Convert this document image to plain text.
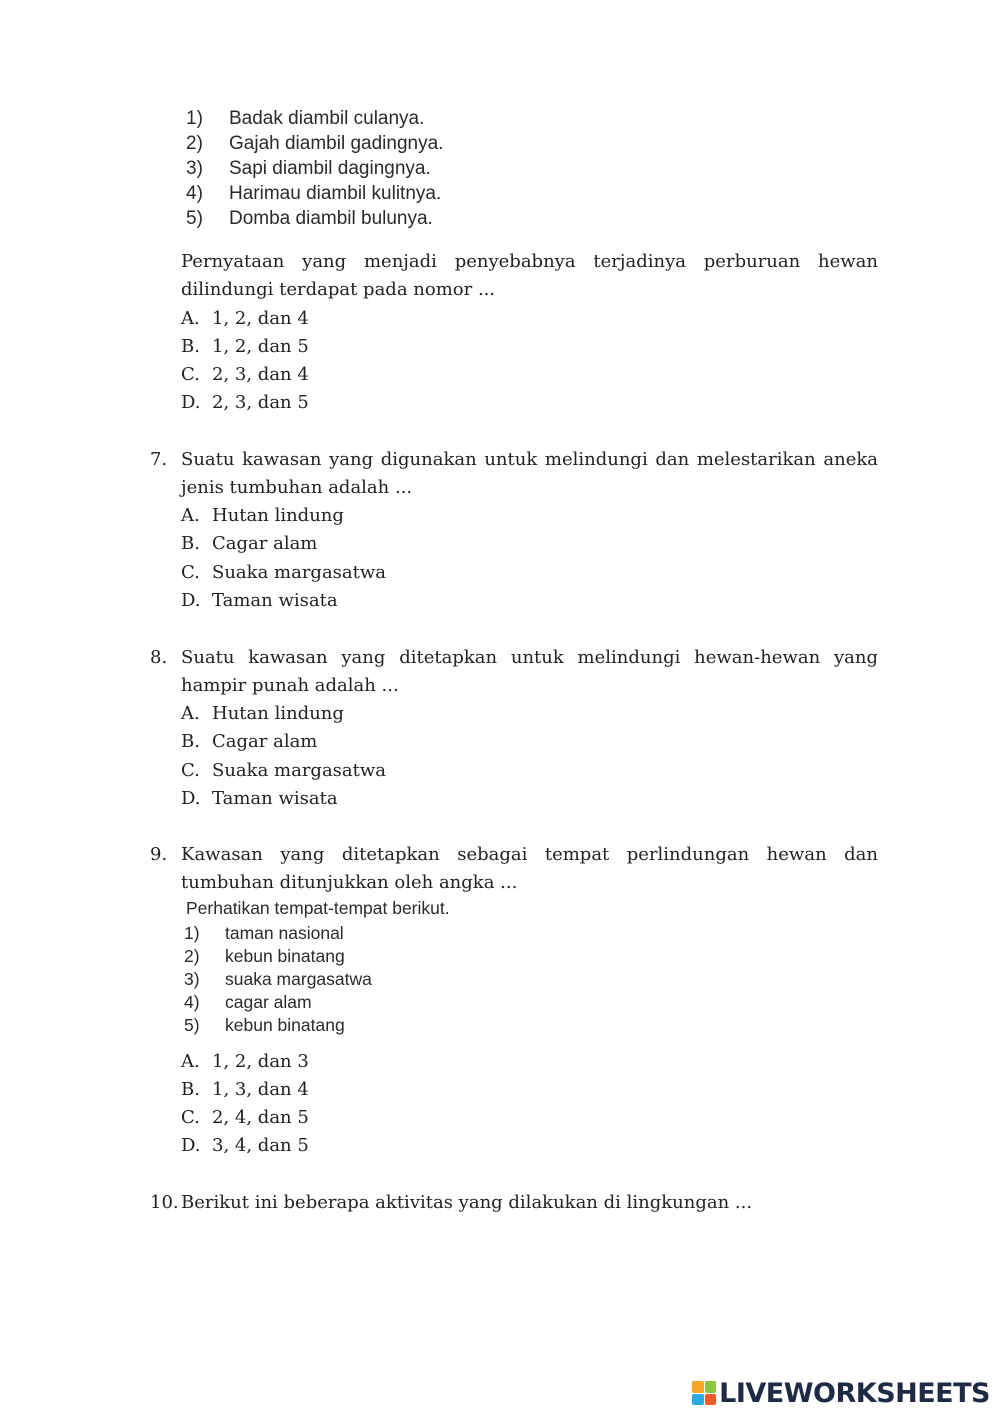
1) Badak diambil culanya.
2) Gajah diambil gadingnya.
3) Sapi diambil dagingnya.
4) Harimau diambil kulitnya.
5) Domba diambil bulunya.
Pernyataan yang menjadi penyebabnya terjadinya perburuan hewan dilindungi terdapat pada nomor ...
A. 1, 2, dan 4
B. 1, 2, dan 5
C. 2, 3, dan 4
D. 2, 3, dan 5
7. Suatu kawasan yang digunakan untuk melindungi dan melestarikan aneka jenis tumbuhan adalah ...
A. Hutan lindung
B. Cagar alam
C. Suaka margasatwa
D. Taman wisata
8. Suatu kawasan yang ditetapkan untuk melindungi hewan-hewan yang hampir punah adalah ...
A. Hutan lindung
B. Cagar alam
C. Suaka margasatwa
D. Taman wisata
9. Kawasan yang ditetapkan sebagai tempat perlindungan hewan dan tumbuhan ditunjukkan oleh angka ...
Perhatikan tempat-tempat berikut.
1) taman nasional
2) kebun binatang
3) suaka margasatwa
4) cagar alam
5) kebun binatang
A. 1, 2, dan 3
B. 1, 3, dan 4
C. 2, 4, dan 5
D. 3, 4, dan 5
10. Berikut ini beberapa aktivitas yang dilakukan di lingkungan ...
LIVEWORKSHEETS
